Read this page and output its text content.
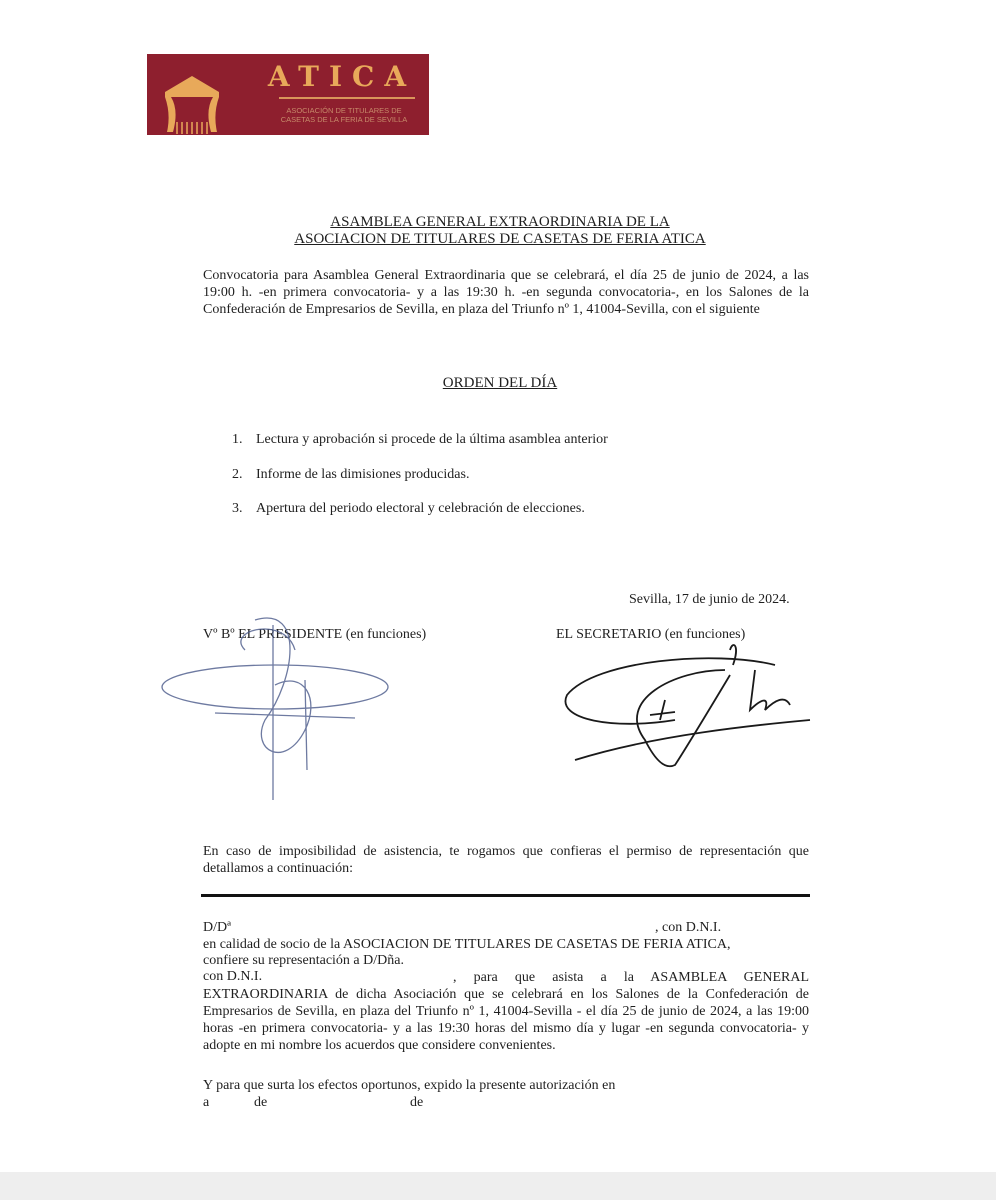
ATICA
ASOCIACIÓN DE TITULARES DE
CASETAS DE LA FERIA DE SEVILLA
ASAMBLEA GENERAL EXTRAORDINARIA DE LA
ASOCIACION DE TITULARES DE CASETAS DE FERIA ATICA
Convocatoria para Asamblea General Extraordinaria que se celebrará, el día 25 de junio de 2024, a las 19:00 h. -en primera convocatoria- y a las 19:30 h. -en segunda convocatoria-, en los Salones de la Confederación de Empresarios de Sevilla, en plaza del Triunfo nº 1, 41004-Sevilla, con el siguiente
ORDEN DEL DÍA
1. Lectura y aprobación si procede de la última asamblea anterior
2. Informe de las dimisiones producidas.
3. Apertura del periodo electoral y celebración de elecciones.
Sevilla, 17 de junio de 2024.
Vº Bº EL PRESIDENTE (en funciones)	EL SECRETARIO (en funciones)
En caso de imposibilidad de asistencia, te rogamos que confieras el permiso de representación que detallamos a continuación:
D/Dª	, con D.N.I.
en calidad de socio de la ASOCIACION DE TITULARES DE CASETAS DE FERIA ATICA,
confiere su representación a D/Dña.
con D.N.I.	, para que asista a la ASAMBLEA GENERAL EXTRAORDINARIA de dicha Asociación que se celebrará en los Salones de la Confederación de Empresarios de Sevilla, en plaza del Triunfo nº 1, 41004-Sevilla - el día 25 de junio de 2024, a las 19:00 horas -en primera convocatoria- y a las 19:30 horas del mismo día y lugar -en segunda convocatoria- y adopte en mi nombre los acuerdos que considere convenientes.
Y para que surta los efectos oportunos, expido la presente autorización en
a	de	de
